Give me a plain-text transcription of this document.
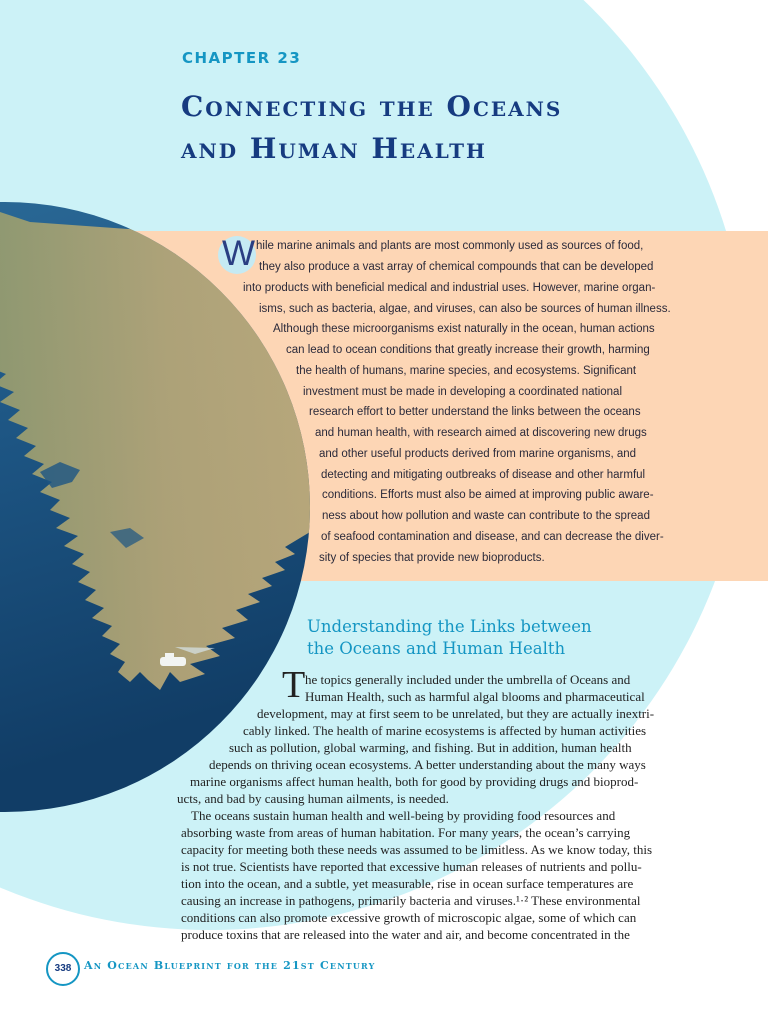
CHAPTER 23
Connecting the Oceans
and Human Health
W hile marine animals and plants are most commonly used as sources of food,
they also produce a vast array of chemical compounds that can be developed
into products with beneficial medical and industrial uses. However, marine organ-
isms, such as bacteria, algae, and viruses, can also be sources of human illness.
Although these microorganisms exist naturally in the ocean, human actions
can lead to ocean conditions that greatly increase their growth, harming
the health of humans, marine species, and ecosystems. Significant
investment must be made in developing a coordinated national
research effort to better understand the links between the oceans
and human health, with research aimed at discovering new drugs
and other useful products derived from marine organisms, and
detecting and mitigating outbreaks of disease and other harmful
conditions. Efforts must also be aimed at improving public aware-
ness about how pollution and waste can contribute to the spread
of seafood contamination and disease, and can decrease the diver-
sity of species that provide new bioproducts.
Understanding the Links between
the Oceans and Human Health
T he topics generally included under the umbrella of Oceans and
Human Health, such as harmful algal blooms and pharmaceutical
development, may at first seem to be unrelated, but they are actually inextri-
cably linked. The health of marine ecosystems is affected by human activities
such as pollution, global warming, and fishing. But in addition, human health
depends on thriving ocean ecosystems. A better understanding about the many ways
marine organisms affect human health, both for good by providing drugs and bioprod-
ucts, and bad by causing human ailments, is needed.
The oceans sustain human health and well-being by providing food resources and
absorbing waste from areas of human habitation. For many years, the ocean’s carrying
capacity for meeting both these needs was assumed to be limitless. As we know today, this
is not true. Scientists have reported that excessive human releases of nutrients and pollu-
tion into the ocean, and a subtle, yet measurable, rise in ocean surface temperatures are
causing an increase in pathogens, primarily bacteria and viruses.¹·² These environmental
conditions can also promote excessive growth of microscopic algae, some of which can
produce toxins that are released into the water and air, and become concentrated in the
338	An Ocean Blueprint for the 21st Century
